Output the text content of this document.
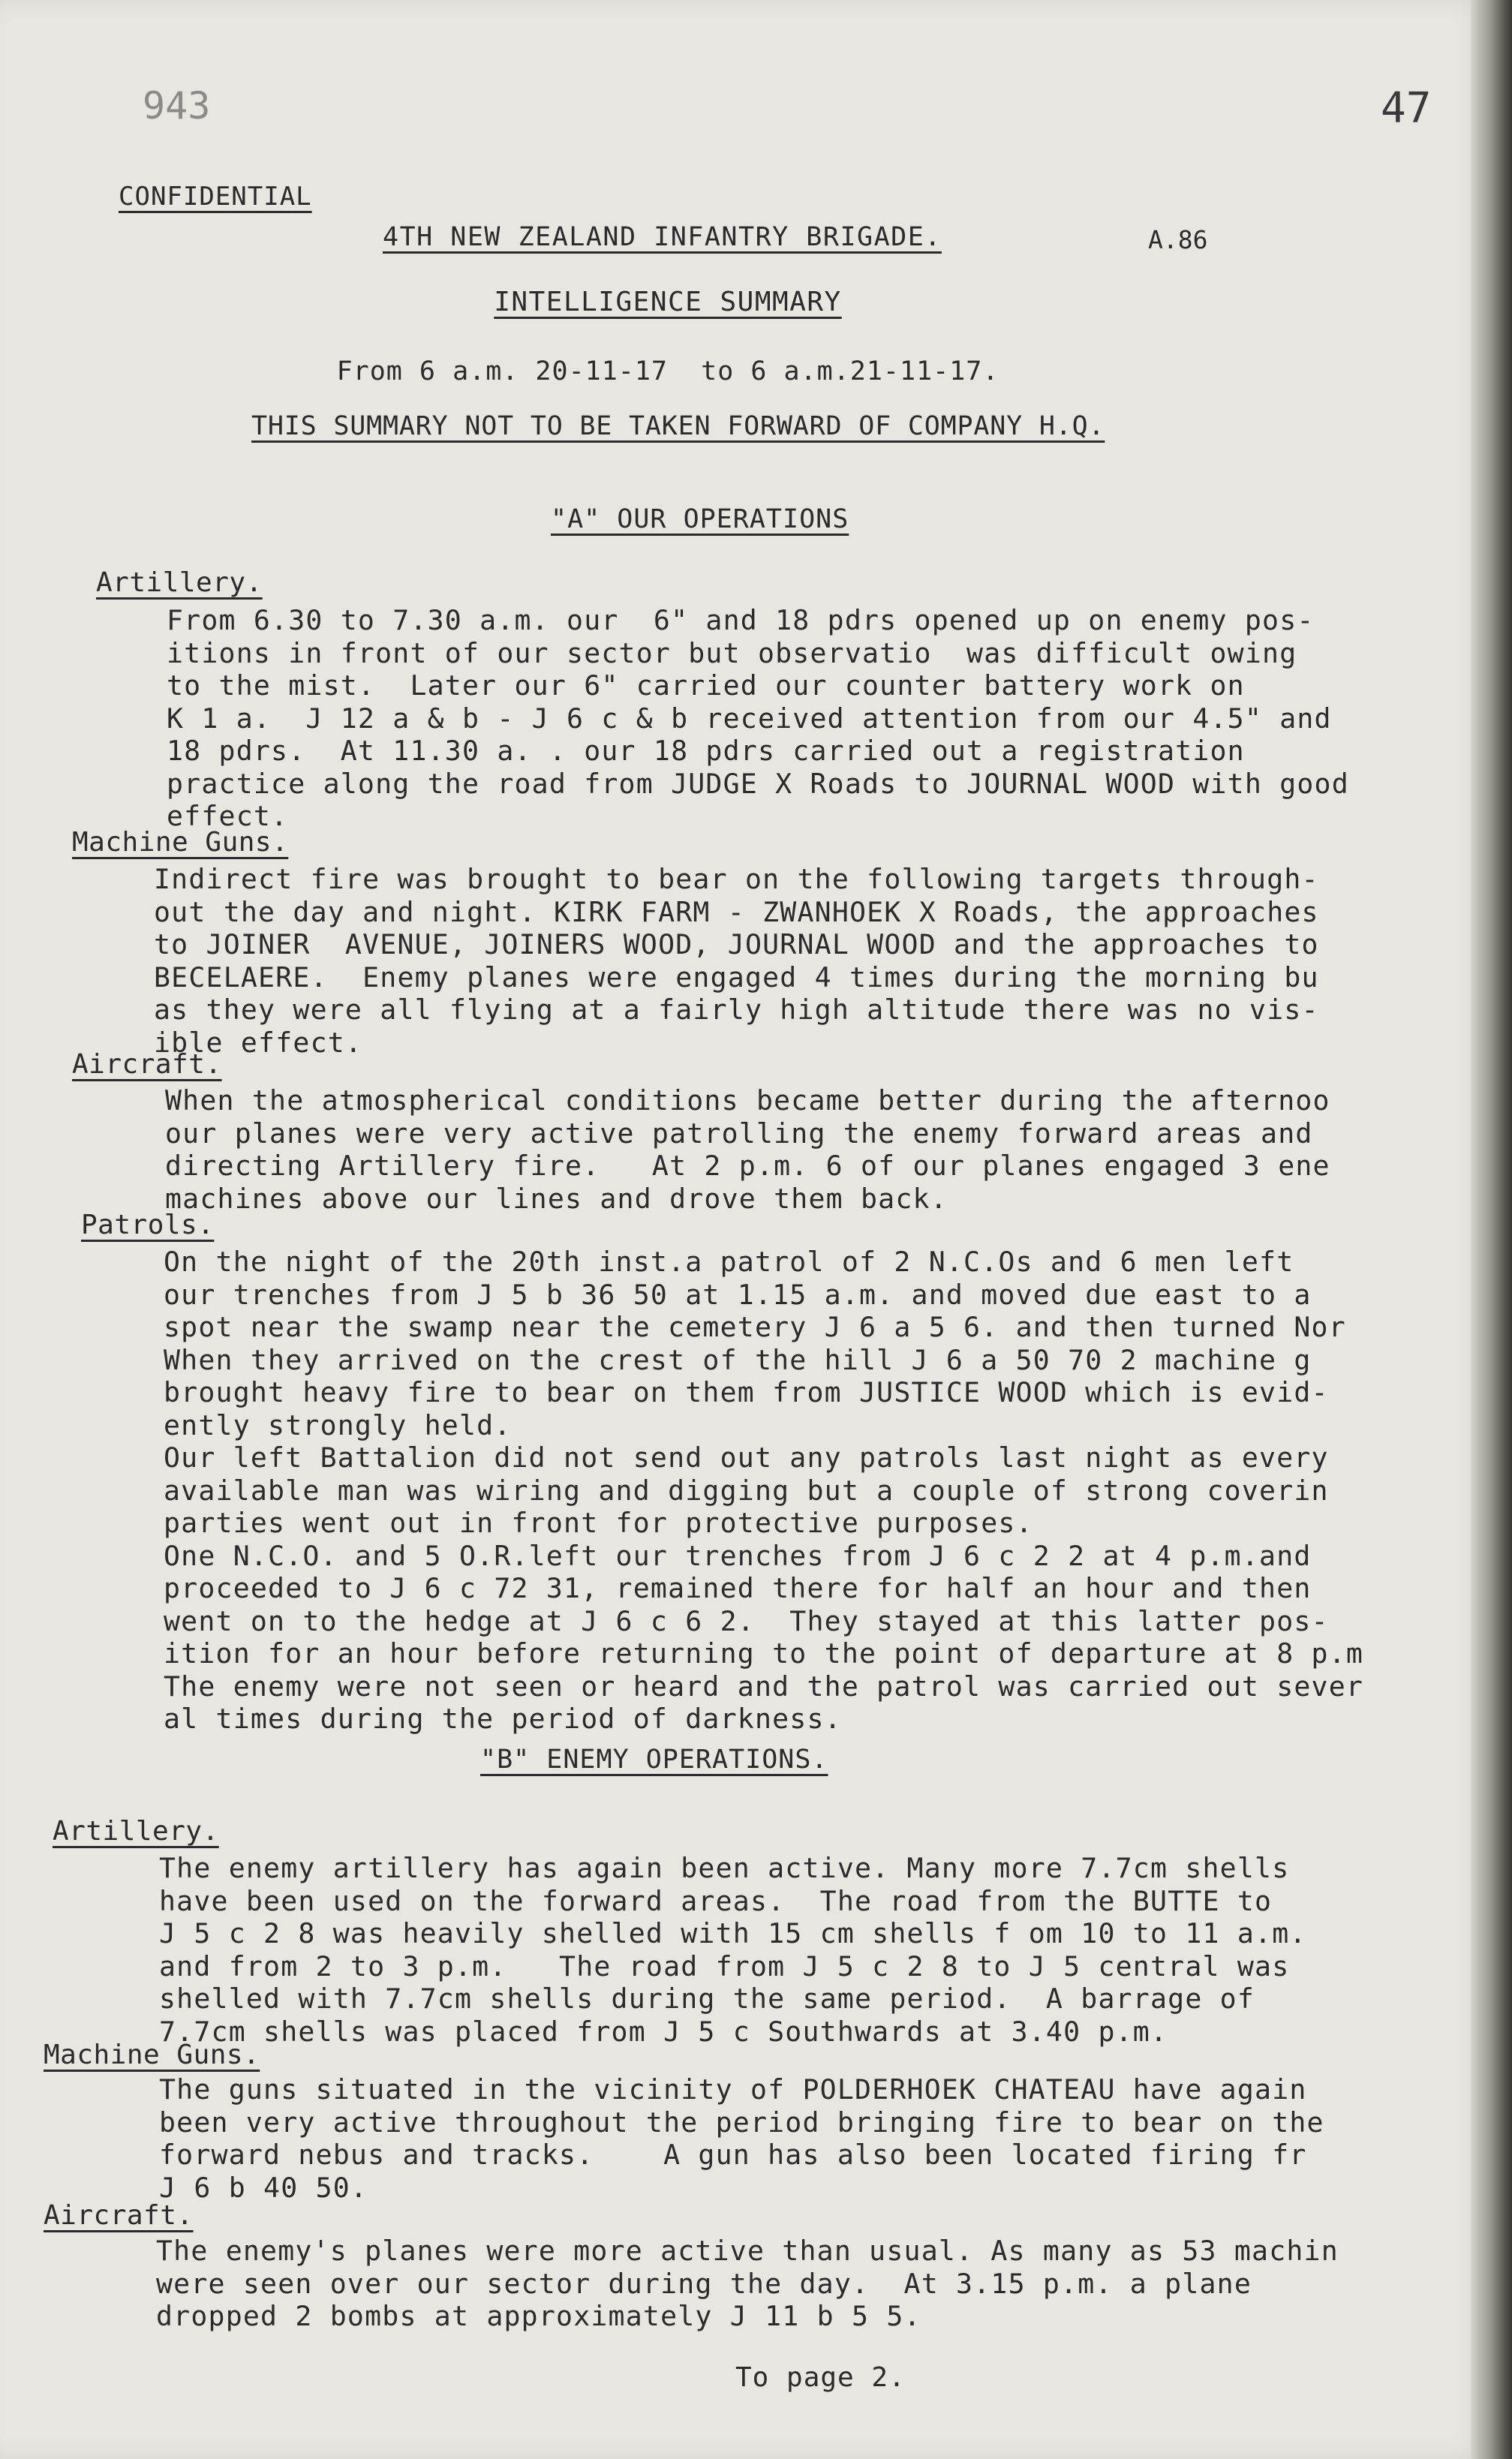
943	47
CONFIDENTIAL
4TH NEW ZEALAND INFANTRY BRIGADE.	A.86
INTELLIGENCE SUMMARY
From 6 a.m. 20-11-17  to 6 a.m.21-11-17.
THIS SUMMARY NOT TO BE TAKEN FORWARD OF COMPANY H.Q.
"A" OUR OPERATIONS
Artillery.
From 6.30 to 7.30 a.m. our  6" and 18 pdrs opened up on enemy pos-
itions in front of our sector but observatio  was difficult owing
to the mist.  Later our 6" carried our counter battery work on
K 1 a.  J 12 a & b - J 6 c & b received attention from our 4.5" and
18 pdrs.  At 11.30 a. . our 18 pdrs carried out a registration
practice along the road from JUDGE X Roads to JOURNAL WOOD with good
effect.
Machine Guns.
Indirect fire was brought to bear on the following targets through-
out the day and night. KIRK FARM - ZWANHOEK X Roads, the approaches
to JOINER  AVENUE, JOINERS WOOD, JOURNAL WOOD and the approaches to
BECELAERE.  Enemy planes were engaged 4 times during the morning bu
as they were all flying at a fairly high altitude there was no vis-
ible effect.
Aircraft.
When the atmospherical conditions became better during the afternoo
our planes were very active patrolling the enemy forward areas and
directing Artillery fire.   At 2 p.m. 6 of our planes engaged 3 ene
machines above our lines and drove them back.
Patrols.
On the night of the 20th inst.a patrol of 2 N.C.Os and 6 men left
our trenches from J 5 b 36 50 at 1.15 a.m. and moved due east to a
spot near the swamp near the cemetery J 6 a 5 6. and then turned Nor
When they arrived on the crest of the hill J 6 a 50 70 2 machine g
brought heavy fire to bear on them from JUSTICE WOOD which is evid-
ently strongly held.
Our left Battalion did not send out any patrols last night as every
available man was wiring and digging but a couple of strong coverin
parties went out in front for protective purposes.
One N.C.O. and 5 O.R.left our trenches from J 6 c 2 2 at 4 p.m.and
proceeded to J 6 c 72 31, remained there for half an hour and then
went on to the hedge at J 6 c 6 2.  They stayed at this latter pos-
ition for an hour before returning to the point of departure at 8 p.m
The enemy were not seen or heard and the patrol was carried out sever
al times during the period of darkness.
"B" ENEMY OPERATIONS.
Artillery.
The enemy artillery has again been active. Many more 7.7cm shells
have been used on the forward areas.  The road from the BUTTE to
J 5 c 2 8 was heavily shelled with 15 cm shells f om 10 to 11 a.m.
and from 2 to 3 p.m.   The road from J 5 c 2 8 to J 5 central was
shelled with 7.7cm shells during the same period.  A barrage of
7.7cm shells was placed from J 5 c Southwards at 3.40 p.m.
Machine Guns.
The guns situated in the vicinity of POLDERHOEK CHATEAU have again
been very active throughout the period bringing fire to bear on the
forward nebus and tracks.    A gun has also been located firing fr
J 6 b 40 50.
Aircraft.
The enemy's planes were more active than usual. As many as 53 machin
were seen over our sector during the day.  At 3.15 p.m. a plane
dropped 2 bombs at approximately J 11 b 5 5.
To page 2.
